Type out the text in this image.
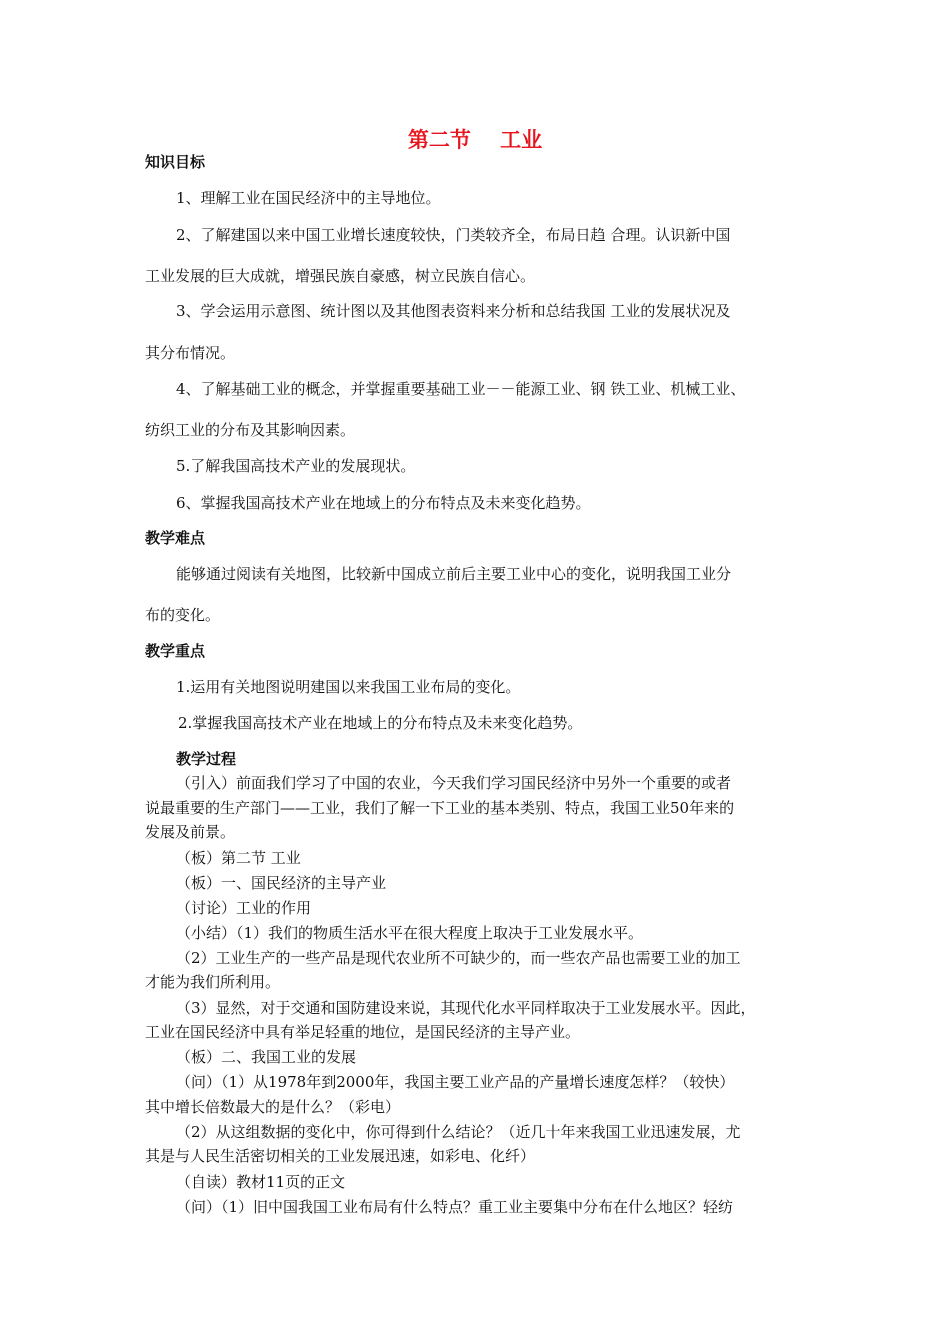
第二节    工业
知识目标
1、理解工业在国民经济中的主导地位。
2、了解建国以来中国工业增长速度较快，门类较齐全，布局日趋 合理。认识新中国
工业发展的巨大成就，增强民族自豪感，树立民族自信心。
3、学会运用示意图、统计图以及其他图表资料来分析和总结我国 工业的发展状况及
其分布情况。
4、了解基础工业的概念，并掌握重要基础工业－－能源工业、钢 铁工业、机械工业、
纺织工业的分布及其影响因素。
5.了解我国高技术产业的发展现状。
6、掌握我国高技术产业在地域上的分布特点及未来变化趋势。
教学难点
能够通过阅读有关地图，比较新中国成立前后主要工业中心的变化，说明我国工业分
布的变化。
教学重点
1.运用有关地图说明建国以来我国工业布局的变化。
2.掌握我国高技术产业在地域上的分布特点及未来变化趋势。
教学过程
（引入）前面我们学习了中国的农业，今天我们学习国民经济中另外一个重要的或者
说最重要的生产部门——工业，我们了解一下工业的基本类别、特点，我国工业50年来的
发展及前景。
（板）第二节 工业
（板）一、国民经济的主导产业
（讨论）工业的作用
（小结）（1）我们的物质生活水平在很大程度上取决于工业发展水平。
（2）工业生产的一些产品是现代农业所不可缺少的，而一些农产品也需要工业的加工
才能为我们所利用。
（3）显然，对于交通和国防建设来说，其现代化水平同样取决于工业发展水平。因此，
工业在国民经济中具有举足轻重的地位，是国民经济的主导产业。
（板）二、我国工业的发展
（问）（1）从1978年到2000年，我国主要工业产品的产量增长速度怎样？（较快）
其中增长倍数最大的是什么？（彩电）
（2）从这组数据的变化中，你可得到什么结论？（近几十年来我国工业迅速发展，尤
其是与人民生活密切相关的工业发展迅速，如彩电、化纤）
（自读）教材11页的正文
（问）（1）旧中国我国工业布局有什么特点？重工业主要集中分布在什么地区？轻纺
